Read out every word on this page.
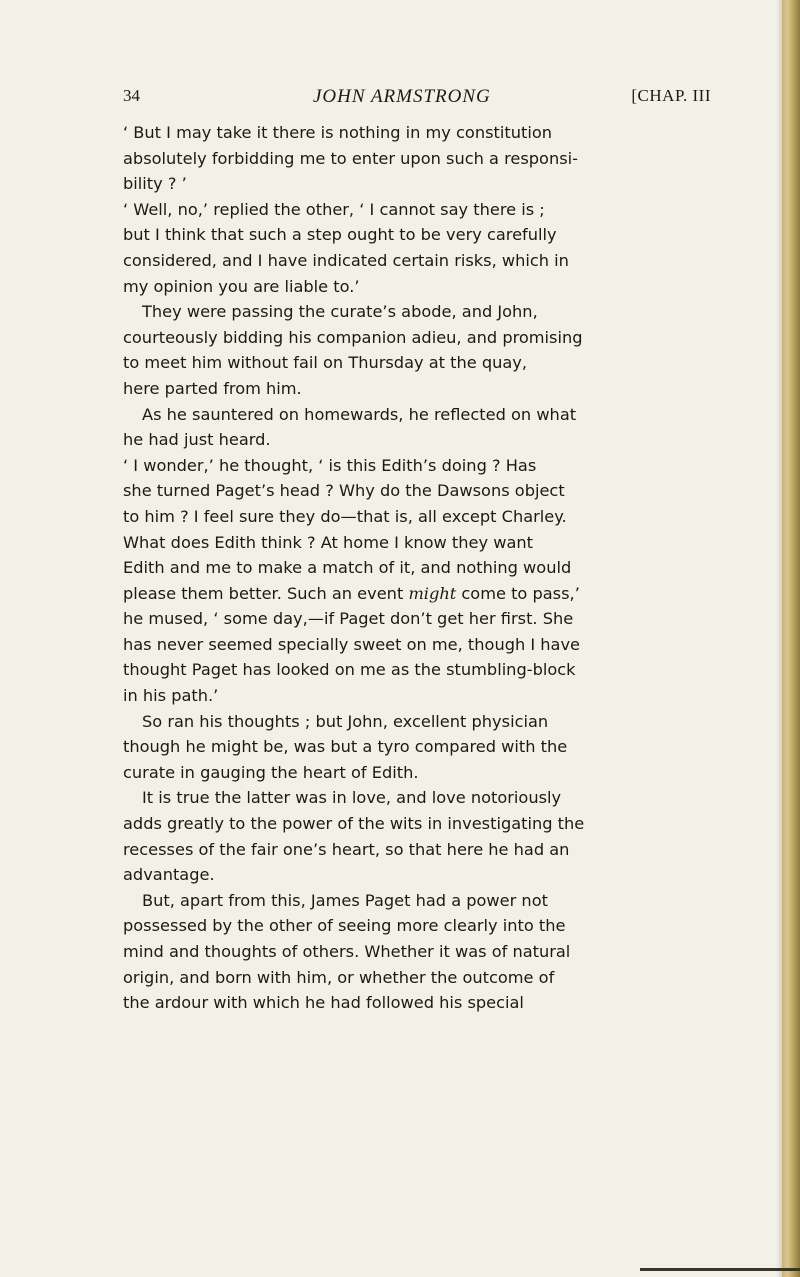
34	JOHN ARMSTRONG	[CHAP. III
‘ But I may take it there is nothing in my constitution
absolutely forbidding me to enter upon such a responsi-
bility ? ’
‘ Well, no,’ replied the other, ‘ I cannot say there is ;
but I think that such a step ought to be very carefully
considered, and I have indicated certain risks, which in
my opinion you are liable to.’
They were passing the curate’s abode, and John,
courteously bidding his companion adieu, and promising
to meet him without fail on Thursday at the quay,
here parted from him.
As he sauntered on homewards, he reflected on what
he had just heard.
‘ I wonder,’ he thought, ‘ is this Edith’s doing ? Has
she turned Paget’s head ? Why do the Dawsons object
to him ? I feel sure they do—that is, all except Charley.
What does Edith think ? At home I know they want
Edith and me to make a match of it, and nothing would
please them better. Such an event might come to pass,’
he mused, ‘ some day,—if Paget don’t get her first. She
has never seemed specially sweet on me, though I have
thought Paget has looked on me as the stumbling-block
in his path.’
So ran his thoughts ; but John, excellent physician
though he might be, was but a tyro compared with the
curate in gauging the heart of Edith.
It is true the latter was in love, and love notoriously
adds greatly to the power of the wits in investigating the
recesses of the fair one’s heart, so that here he had an
advantage.
But, apart from this, James Paget had a power not
possessed by the other of seeing more clearly into the
mind and thoughts of others. Whether it was of natural
origin, and born with him, or whether the outcome of
the ardour with which he had followed his special
